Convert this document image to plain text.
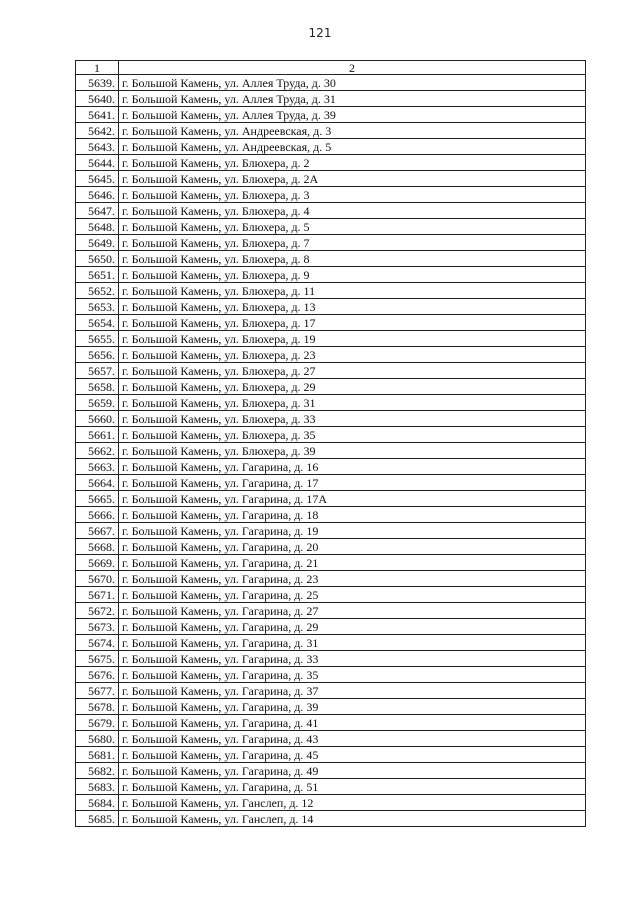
121
1	2
5639.	г. Большой Камень, ул. Аллея Труда, д. 30
5640.	г. Большой Камень, ул. Аллея Труда, д. 31
5641.	г. Большой Камень, ул. Аллея Труда, д. 39
5642.	г. Большой Камень, ул. Андреевская, д. 3
5643.	г. Большой Камень, ул. Андреевская, д. 5
5644.	г. Большой Камень, ул. Блюхера, д. 2
5645.	г. Большой Камень, ул. Блюхера, д. 2А
5646.	г. Большой Камень, ул. Блюхера, д. 3
5647.	г. Большой Камень, ул. Блюхера, д. 4
5648.	г. Большой Камень, ул. Блюхера, д. 5
5649.	г. Большой Камень, ул. Блюхера, д. 7
5650.	г. Большой Камень, ул. Блюхера, д. 8
5651.	г. Большой Камень, ул. Блюхера, д. 9
5652.	г. Большой Камень, ул. Блюхера, д. 11
5653.	г. Большой Камень, ул. Блюхера, д. 13
5654.	г. Большой Камень, ул. Блюхера, д. 17
5655.	г. Большой Камень, ул. Блюхера, д. 19
5656.	г. Большой Камень, ул. Блюхера, д. 23
5657.	г. Большой Камень, ул. Блюхера, д. 27
5658.	г. Большой Камень, ул. Блюхера, д. 29
5659.	г. Большой Камень, ул. Блюхера, д. 31
5660.	г. Большой Камень, ул. Блюхера, д. 33
5661.	г. Большой Камень, ул. Блюхера, д. 35
5662.	г. Большой Камень, ул. Блюхера, д. 39
5663.	г. Большой Камень, ул. Гагарина, д. 16
5664.	г. Большой Камень, ул. Гагарина, д. 17
5665.	г. Большой Камень, ул. Гагарина, д. 17А
5666.	г. Большой Камень, ул. Гагарина, д. 18
5667.	г. Большой Камень, ул. Гагарина, д. 19
5668.	г. Большой Камень, ул. Гагарина, д. 20
5669.	г. Большой Камень, ул. Гагарина, д. 21
5670.	г. Большой Камень, ул. Гагарина, д. 23
5671.	г. Большой Камень, ул. Гагарина, д. 25
5672.	г. Большой Камень, ул. Гагарина, д. 27
5673.	г. Большой Камень, ул. Гагарина, д. 29
5674.	г. Большой Камень, ул. Гагарина, д. 31
5675.	г. Большой Камень, ул. Гагарина, д. 33
5676.	г. Большой Камень, ул. Гагарина, д. 35
5677.	г. Большой Камень, ул. Гагарина, д. 37
5678.	г. Большой Камень, ул. Гагарина, д. 39
5679.	г. Большой Камень, ул. Гагарина, д. 41
5680.	г. Большой Камень, ул. Гагарина, д. 43
5681.	г. Большой Камень, ул. Гагарина, д. 45
5682.	г. Большой Камень, ул. Гагарина, д. 49
5683.	г. Большой Камень, ул. Гагарина, д. 51
5684.	г. Большой Камень, ул. Ганслеп, д. 12
5685.	г. Большой Камень, ул. Ганслеп, д. 14
